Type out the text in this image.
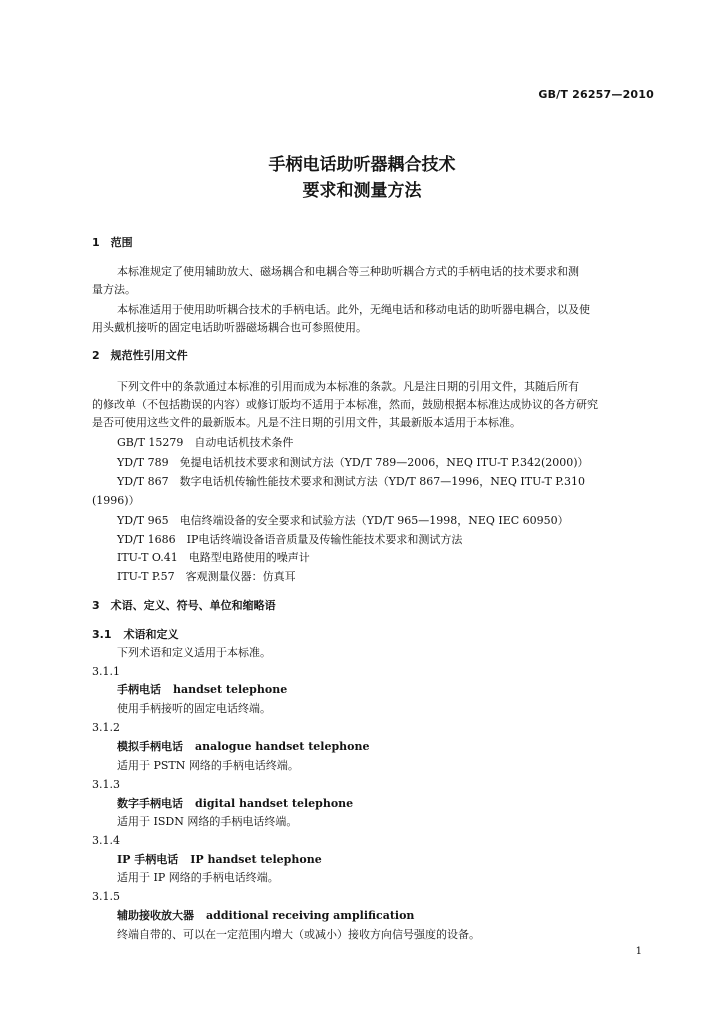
GB/T 26257—2010
手柄电话助听器耦合技术
要求和测量方法
1　范围
本标准规定了使用辅助放大、磁场耦合和电耦合等三种助听耦合方式的手柄电话的技术要求和测
量方法。
本标准适用于使用助听耦合技术的手柄电话。此外，无绳电话和移动电话的助听器电耦合，以及使
用头戴机接听的固定电话助听器磁场耦合也可参照使用。
2　规范性引用文件
下列文件中的条款通过本标准的引用而成为本标准的条款。凡是注日期的引用文件，其随后所有
的修改单（不包括勘误的内容）或修订版均不适用于本标准，然而，鼓励根据本标准达成协议的各方研究
是否可使用这些文件的最新版本。凡是不注日期的引用文件，其最新版本适用于本标准。
GB/T 15279　自动电话机技术条件
YD/T 789　免提电话机技术要求和测试方法（YD/T 789—2006，NEQ ITU-T P.342(2000)）
YD/T 867　数字电话机传输性能技术要求和测试方法（YD/T 867—1996，NEQ ITU-T P.310
(1996)）
YD/T 965　电信终端设备的安全要求和试验方法（YD/T 965—1998，NEQ IEC 60950）
YD/T 1686　IP电话终端设备语音质量及传输性能技术要求和测试方法
ITU-T O.41　电路型电路使用的噪声计
ITU-T P.57　客观测量仪器：仿真耳
3　术语、定义、符号、单位和缩略语
3.1 术语和定义
下列术语和定义适用于本标准。
3.1.1
手柄电话 handset telephone
使用手柄接听的固定电话终端。
3.1.2
模拟手柄电话 analogue handset telephone
适用于 PSTN 网络的手柄电话终端。
3.1.3
数字手柄电话 digital handset telephone
适用于 ISDN 网络的手柄电话终端。
3.1.4
IP 手柄电话 IP handset telephone
适用于 IP 网络的手柄电话终端。
3.1.5
辅助接收放大器 additional receiving amplification
终端自带的、可以在一定范围内增大（或减小）接收方向信号强度的设备。
1
